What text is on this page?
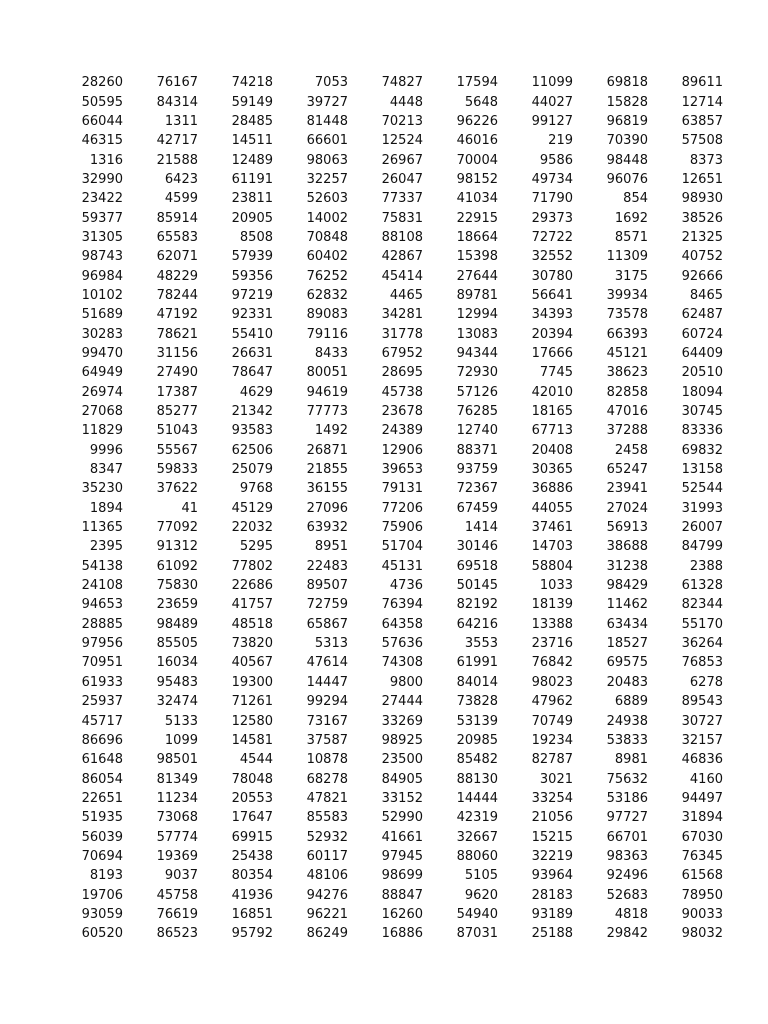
28260	76167	74218	7053	74827	17594	11099	69818	89611
50595	84314	59149	39727	4448	5648	44027	15828	12714
66044	1311	28485	81448	70213	96226	99127	96819	63857
46315	42717	14511	66601	12524	46016	219	70390	57508
1316	21588	12489	98063	26967	70004	9586	98448	8373
32990	6423	61191	32257	26047	98152	49734	96076	12651
23422	4599	23811	52603	77337	41034	71790	854	98930
59377	85914	20905	14002	75831	22915	29373	1692	38526
31305	65583	8508	70848	88108	18664	72722	8571	21325
98743	62071	57939	60402	42867	15398	32552	11309	40752
96984	48229	59356	76252	45414	27644	30780	3175	92666
10102	78244	97219	62832	4465	89781	56641	39934	8465
51689	47192	92331	89083	34281	12994	34393	73578	62487
30283	78621	55410	79116	31778	13083	20394	66393	60724
99470	31156	26631	8433	67952	94344	17666	45121	64409
64949	27490	78647	80051	28695	72930	7745	38623	20510
26974	17387	4629	94619	45738	57126	42010	82858	18094
27068	85277	21342	77773	23678	76285	18165	47016	30745
11829	51043	93583	1492	24389	12740	67713	37288	83336
9996	55567	62506	26871	12906	88371	20408	2458	69832
8347	59833	25079	21855	39653	93759	30365	65247	13158
35230	37622	9768	36155	79131	72367	36886	23941	52544
1894	41	45129	27096	77206	67459	44055	27024	31993
11365	77092	22032	63932	75906	1414	37461	56913	26007
2395	91312	5295	8951	51704	30146	14703	38688	84799
54138	61092	77802	22483	45131	69518	58804	31238	2388
24108	75830	22686	89507	4736	50145	1033	98429	61328
94653	23659	41757	72759	76394	82192	18139	11462	82344
28885	98489	48518	65867	64358	64216	13388	63434	55170
97956	85505	73820	5313	57636	3553	23716	18527	36264
70951	16034	40567	47614	74308	61991	76842	69575	76853
61933	95483	19300	14447	9800	84014	98023	20483	6278
25937	32474	71261	99294	27444	73828	47962	6889	89543
45717	5133	12580	73167	33269	53139	70749	24938	30727
86696	1099	14581	37587	98925	20985	19234	53833	32157
61648	98501	4544	10878	23500	85482	82787	8981	46836
86054	81349	78048	68278	84905	88130	3021	75632	4160
22651	11234	20553	47821	33152	14444	33254	53186	94497
51935	73068	17647	85583	52990	42319	21056	97727	31894
56039	57774	69915	52932	41661	32667	15215	66701	67030
70694	19369	25438	60117	97945	88060	32219	98363	76345
8193	9037	80354	48106	98699	5105	93964	92496	61568
19706	45758	41936	94276	88847	9620	28183	52683	78950
93059	76619	16851	96221	16260	54940	93189	4818	90033
60520	86523	95792	86249	16886	87031	25188	29842	98032
